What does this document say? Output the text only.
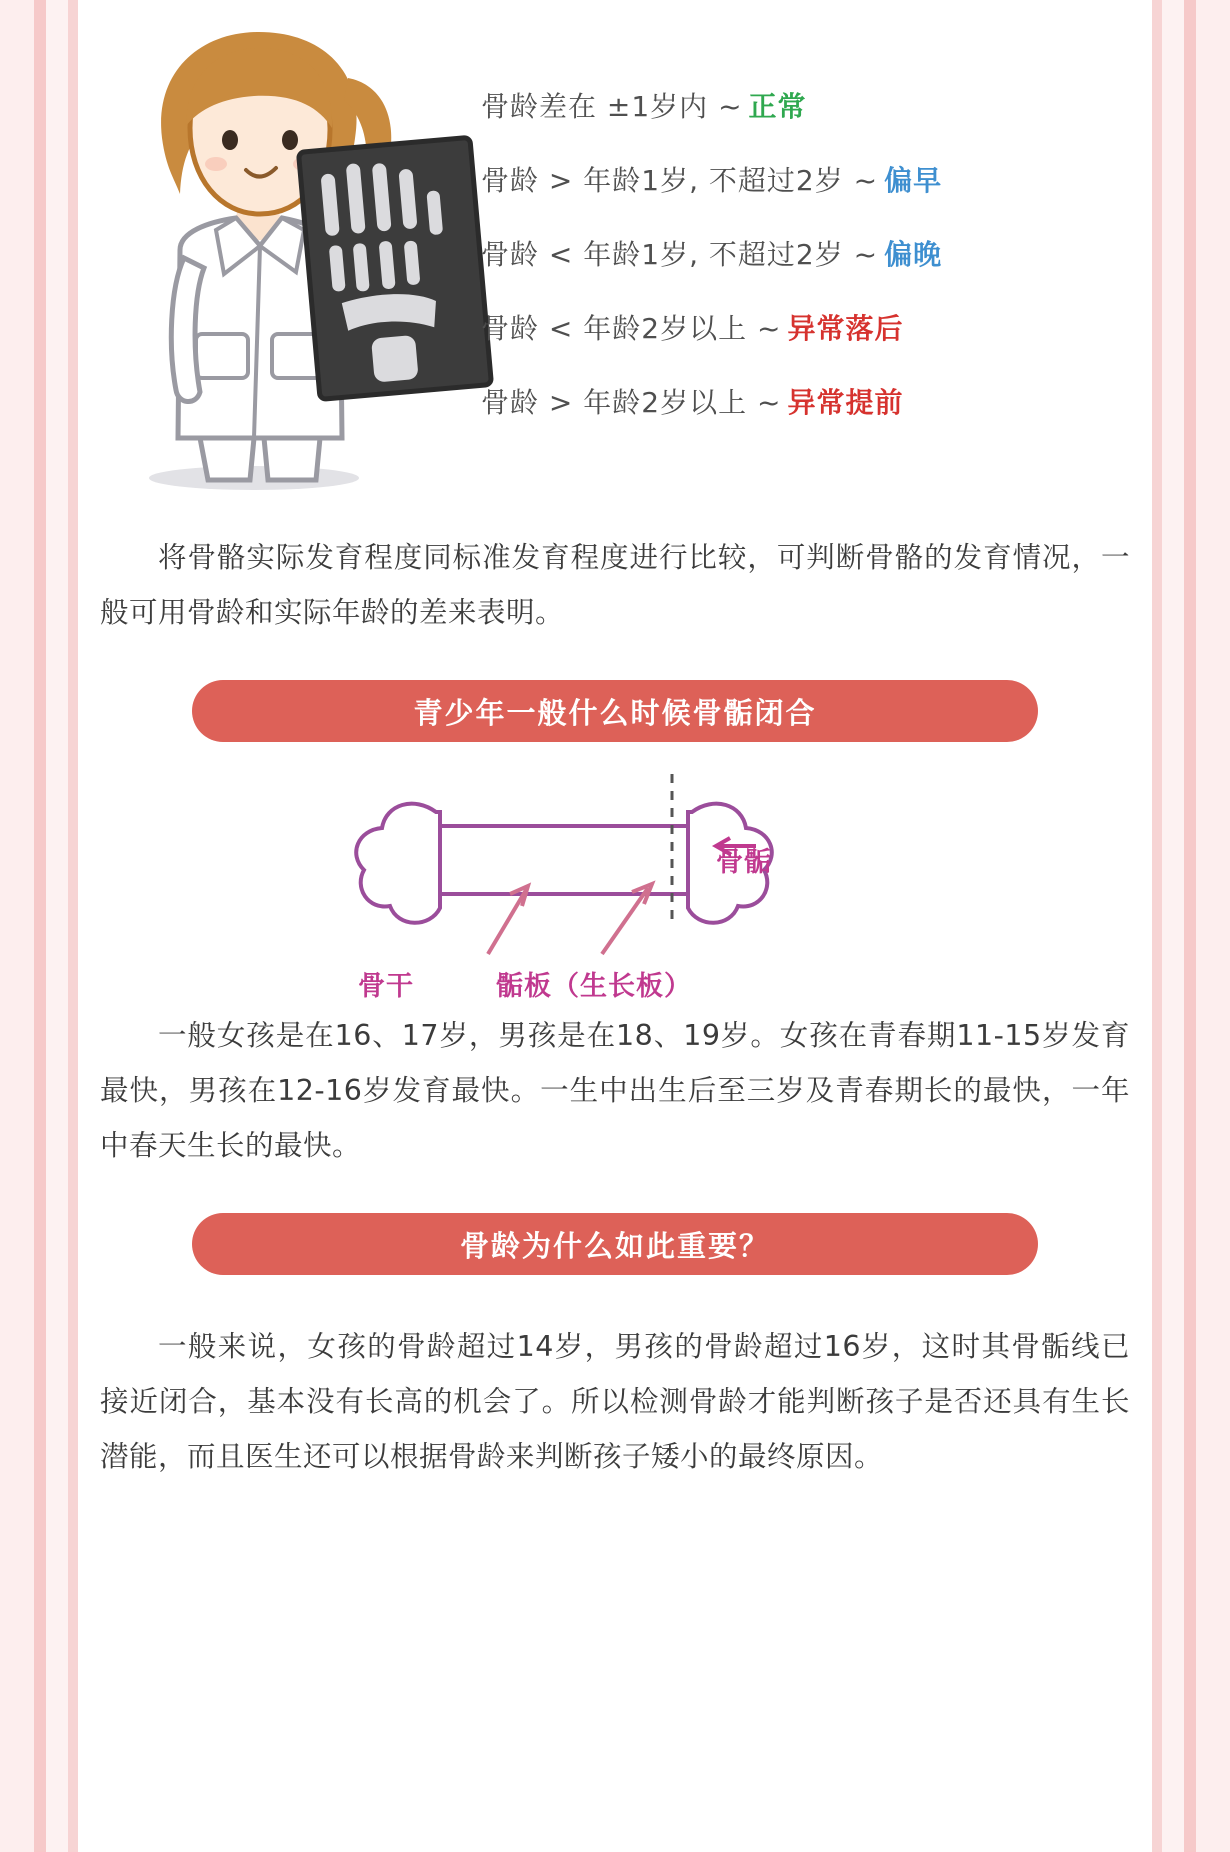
骨龄差在 ±1岁内 ~ 正常
骨龄 > 年龄1岁, 不超过2岁 ~ 偏早
骨龄 < 年龄1岁, 不超过2岁 ~ 偏晚
骨龄 < 年龄2岁以上 ~ 异常落后
骨龄 > 年龄2岁以上 ~ 异常提前

将骨骼实际发育程度同标准发育程度进行比较，可判断骨骼的发育情况，一般可用骨龄和实际年龄的差来表明。

青少年一般什么时候骨骺闭合
骨骺
骨干	骺板（生长板）

一般女孩是在16、17岁，男孩是在18、19岁。女孩在青春期11-15岁发育最快，男孩在12-16岁发育最快。一生中出生后至三岁及青春期长的最快，一年中春天生长的最快。

骨龄为什么如此重要？

一般来说，女孩的骨龄超过14岁，男孩的骨龄超过16岁，这时其骨骺线已接近闭合，基本没有长高的机会了。所以检测骨龄才能判断孩子是否还具有生长潜能，而且医生还可以根据骨龄来判断孩子矮小的最终原因。
